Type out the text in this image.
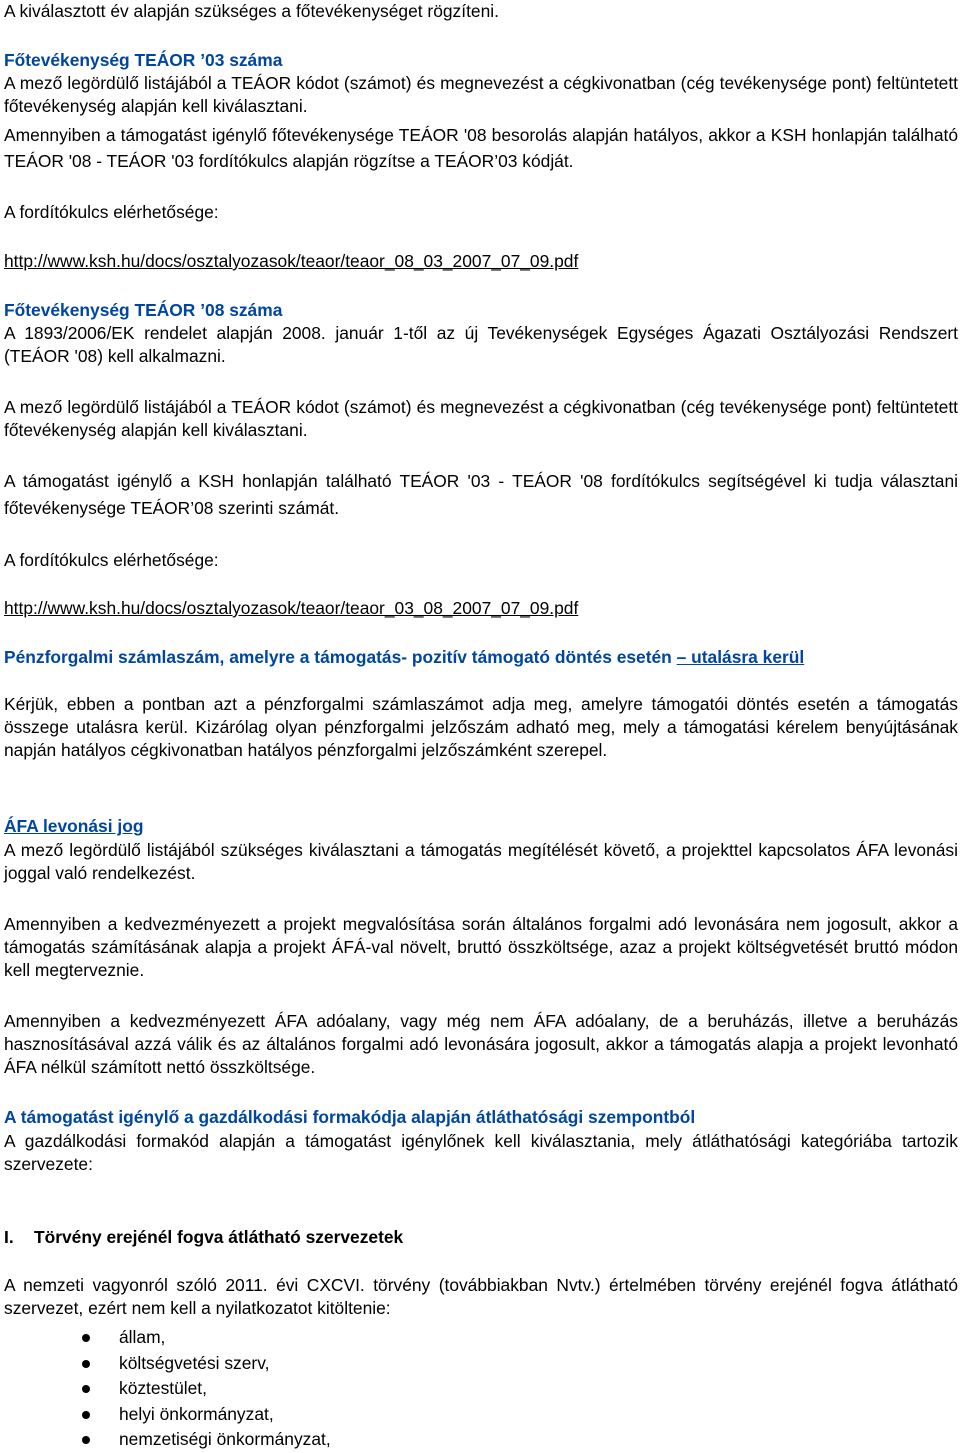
A kiválasztott év alapján szükséges a főtevékenységet rögzíteni.

Főtevékenység TEÁOR ’03 száma

A mező legördülő listájából a TEÁOR kódot (számot) és megnevezést a cégkivonatban (cég tevékenysége pont) feltüntetett főtevékenység alapján kell kiválasztani.

Amennyiben a támogatást igénylő főtevékenysége TEÁOR '08 besorolás alapján hatályos, akkor a KSH honlapján található TEÁOR '08 - TEÁOR '03 fordítókulcs alapján rögzítse a TEÁOR’03 kódját.

A fordítókulcs elérhetősége:

http://www.ksh.hu/docs/osztalyozasok/teaor/teaor_08_03_2007_07_09.pdf
Főtevékenység TEÁOR ’08 száma

A 1893/2006/EK rendelet alapján 2008. január 1-től az új Tevékenységek Egységes Ágazati Osztályozási Rendszert (TEÁOR '08) kell alkalmazni.

A mező legördülő listájából a TEÁOR kódot (számot) és megnevezést a cégkivonatban (cég tevékenysége pont) feltüntetett főtevékenység alapján kell kiválasztani.

A támogatást igénylő a KSH honlapján található TEÁOR '03 - TEÁOR '08 fordítókulcs segítségével ki tudja választani főtevékenysége TEÁOR’08 szerinti számát.

A fordítókulcs elérhetősége:

http://www.ksh.hu/docs/osztalyozasok/teaor/teaor_03_08_2007_07_09.pdf
Pénzforgalmi számlaszám, amelyre a támogatás- pozitív támogató döntés esetén – utalásra kerül

Kérjük, ebben a pontban azt a pénzforgalmi számlaszámot adja meg, amelyre támogatói döntés esetén a támogatás összege utalásra kerül. Kizárólag olyan pénzforgalmi jelzőszám adható meg, mely a támogatási kérelem benyújtásának napján hatályos cégkivonatban hatályos pénzforgalmi jelzőszámként szerepel.

ÁFA levonási jog

A mező legördülő listájából szükséges kiválasztani a támogatás megítélését követő, a projekttel kapcsolatos ÁFA levonási joggal való rendelkezést.

Amennyiben a kedvezményezett a projekt megvalósítása során általános forgalmi adó levonására nem jogosult, akkor a támogatás számításának alapja a projekt ÁFÁ-val növelt, bruttó összköltsége, azaz a projekt költségvetését bruttó módon kell megterveznie.

Amennyiben a kedvezményezett ÁFA adóalany, vagy még nem ÁFA adóalany, de a beruházás, illetve a beruházás hasznosításával azzá válik és az általános forgalmi adó levonására jogosult, akkor a támogatás alapja a projekt levonható ÁFA nélkül számított nettó összköltsége.

A támogatást igénylő a gazdálkodási formakódja alapján átláthatósági szempontból

A gazdálkodási formakód alapján a támogatást igénylőnek kell kiválasztania, mely átláthatósági kategóriába tartozik szervezete:

I. Törvény erejénél fogva átlátható szervezetek

A nemzeti vagyonról szóló 2011. évi CXCVI. törvény (továbbiakban Nvtv.) értelmében törvény erejénél fogva átlátható szervezet, ezért nem kell a nyilatkozatot kitöltenie:

állam,
költségvetési szerv,
köztestület,
helyi önkormányzat,
nemzetiségi önkormányzat,
